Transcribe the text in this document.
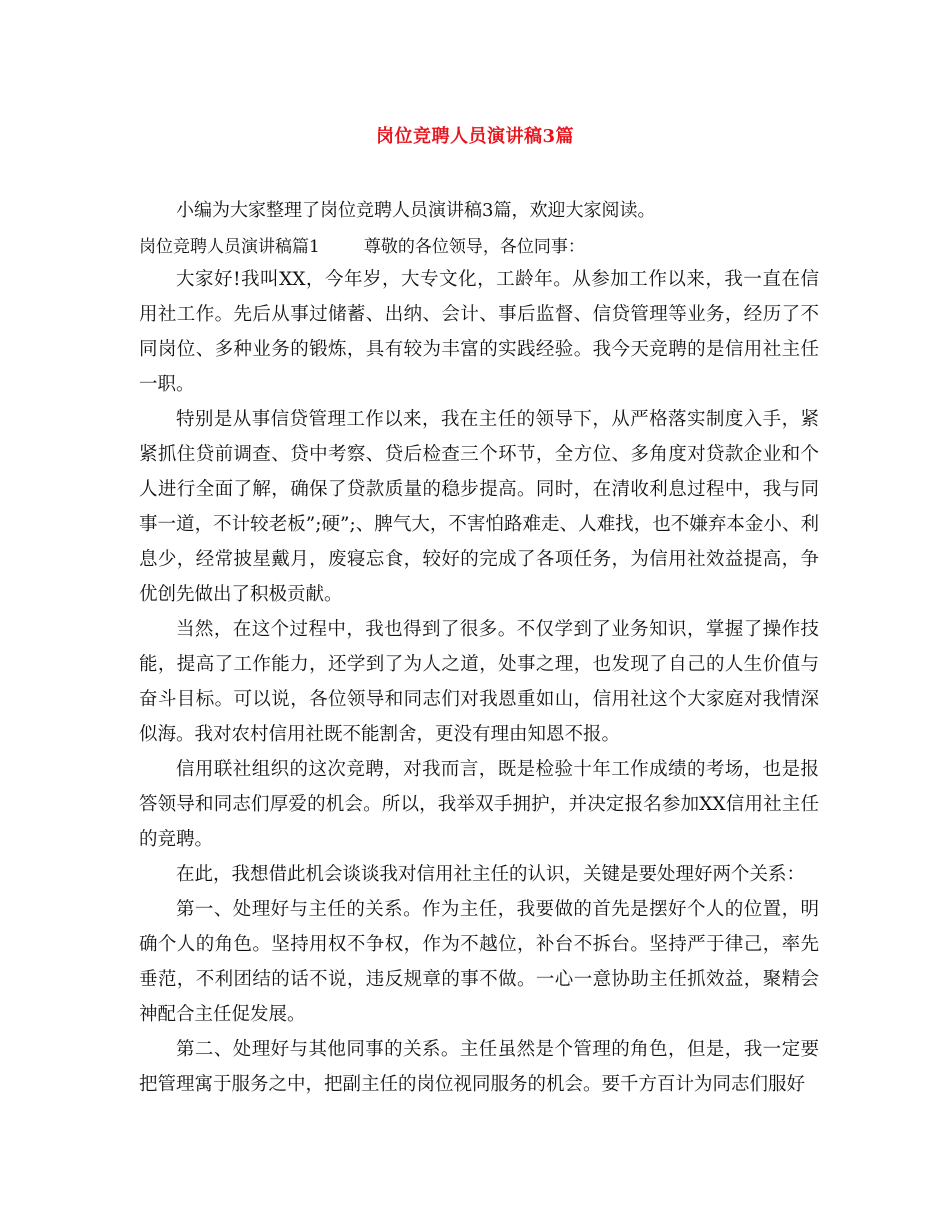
岗位竞聘人员演讲稿3篇
小编为大家整理了岗位竞聘人员演讲稿3篇，欢迎大家阅读。
岗位竞聘人员演讲稿篇1	尊敬的各位领导，各位同事：

大家好!我叫XX，今年岁，大专文化，工龄年。从参加工作以来，我一直在信用社工作。先后从事过储蓄、出纳、会计、事后监督、信贷管理等业务，经历了不同岗位、多种业务的锻炼，具有较为丰富的实践经验。我今天竞聘的是信用社主任一职。

特别是从事信贷管理工作以来，我在主任的领导下，从严格落实制度入手，紧紧抓住贷前调查、贷中考察、贷后检查三个环节，全方位、多角度对贷款企业和个人进行全面了解，确保了贷款质量的稳步提高。同时，在清收利息过程中，我与同事一道，不计较老板”;硬”;、脾气大，不害怕路难走、人难找，也不嫌弃本金小、利息少，经常披星戴月，废寝忘食，较好的完成了各项任务，为信用社效益提高，争优创先做出了积极贡献。

当然，在这个过程中，我也得到了很多。不仅学到了业务知识，掌握了操作技能，提高了工作能力，还学到了为人之道，处事之理，也发现了自己的人生价值与奋斗目标。可以说，各位领导和同志们对我恩重如山，信用社这个大家庭对我情深似海。我对农村信用社既不能割舍，更没有理由知恩不报。

信用联社组织的这次竞聘，对我而言，既是检验十年工作成绩的考场，也是报答领导和同志们厚爱的机会。所以，我举双手拥护，并决定报名参加XX信用社主任的竞聘。

在此，我想借此机会谈谈我对信用社主任的认识，关键是要处理好两个关系：

第一、处理好与主任的关系。作为主任，我要做的首先是摆好个人的位置，明确个人的角色。坚持用权不争权，作为不越位，补台不拆台。坚持严于律己，率先垂范，不利团结的话不说，违反规章的事不做。一心一意协助主任抓效益，聚精会神配合主任促发展。

第二、处理好与其他同事的关系。主任虽然是个管理的角色，但是，我一定要把管理寓于服务之中，把副主任的岗位视同服务的机会。要千方百计为同志们服好
